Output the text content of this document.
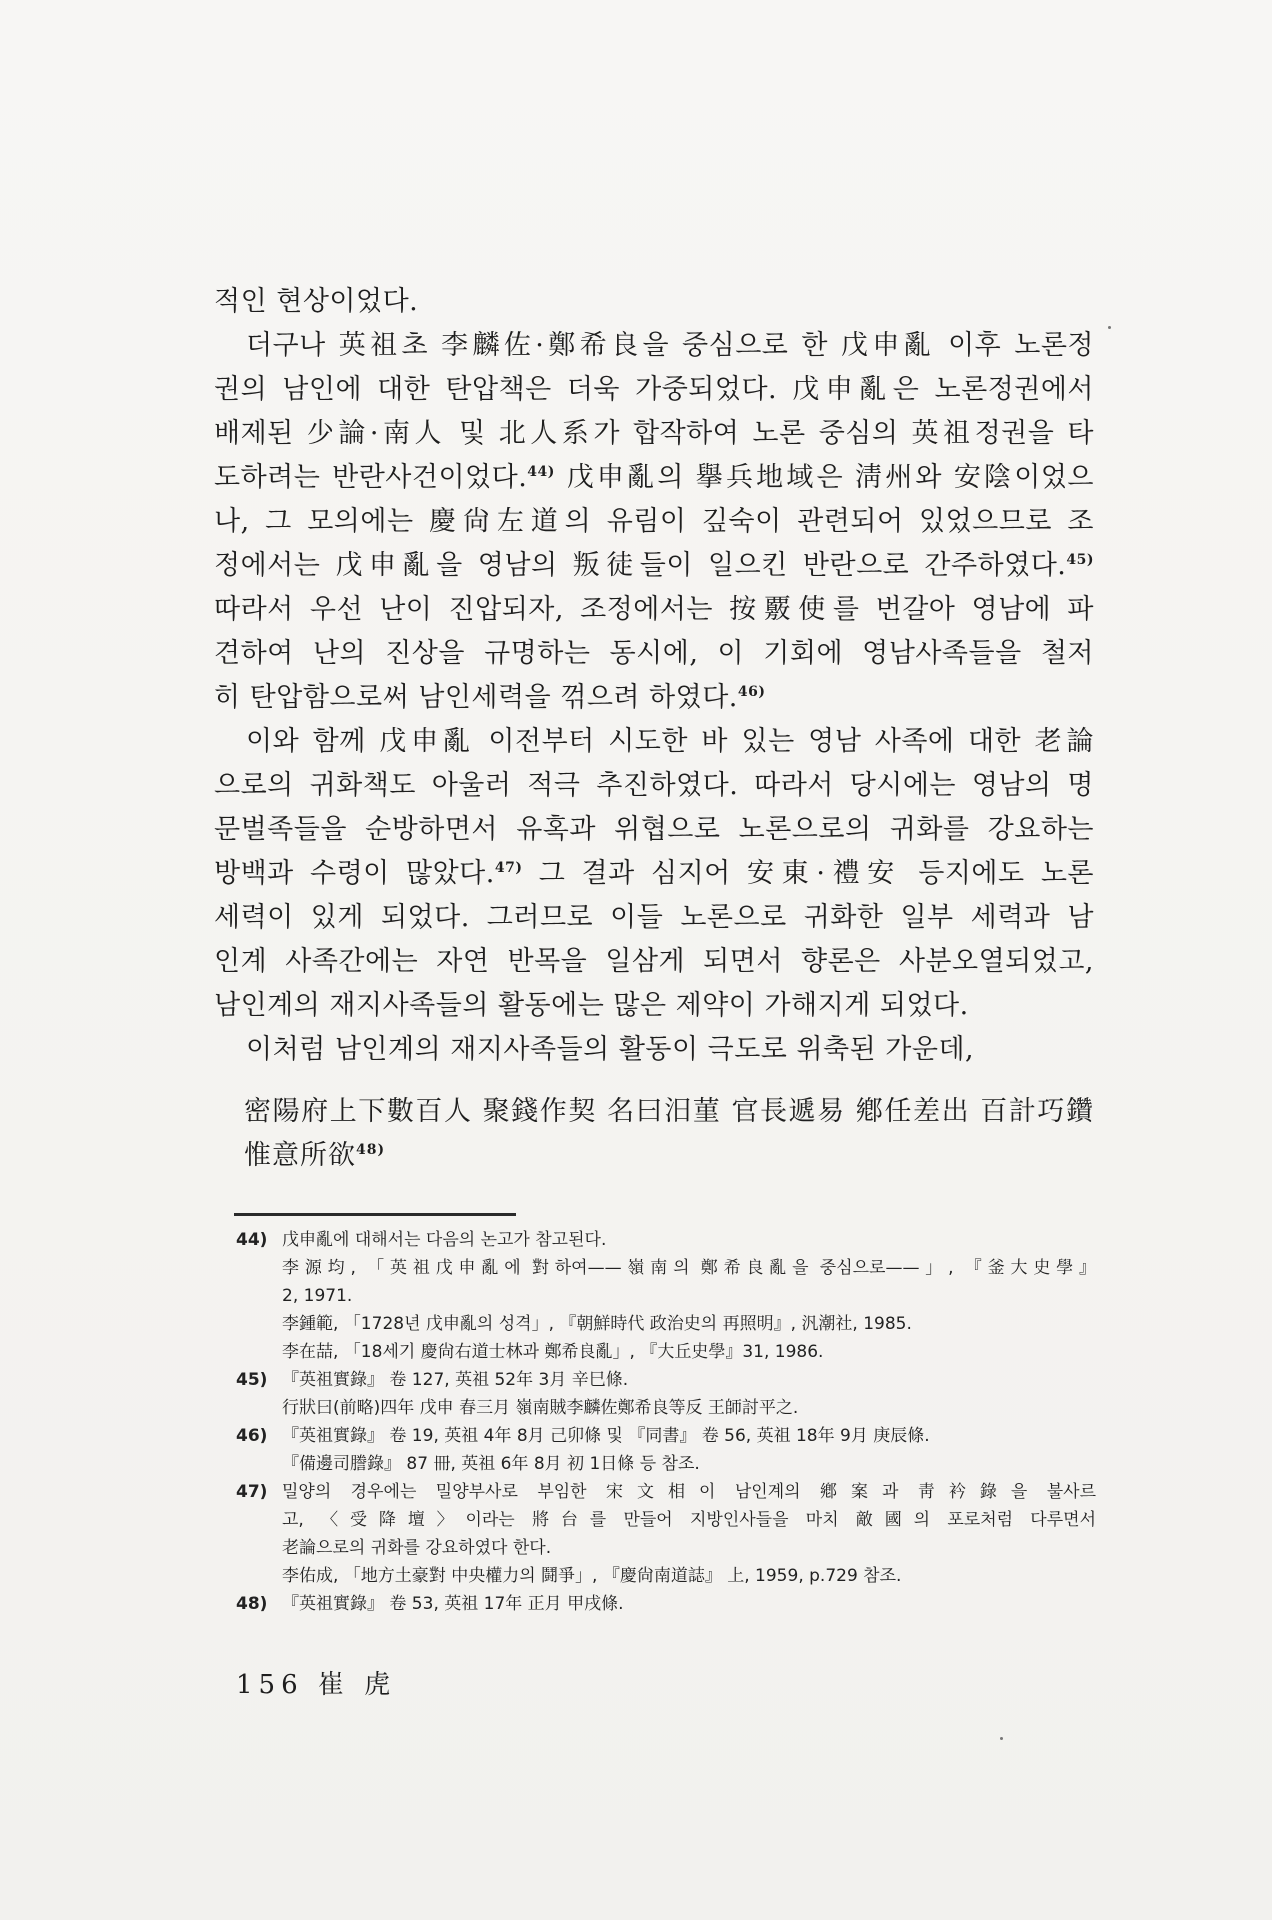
적인 현상이었다.
더구나 英祖초 李麟佐·鄭希良을 중심으로 한 戊申亂 이후 노론정
권의 남인에 대한 탄압책은 더욱 가중되었다. 戊申亂은 노론정권에서
배제된 少論·南人 및 北人系가 합작하여 노론 중심의 英祖정권을 타
도하려는 반란사건이었다.$^{44)}$ 戊申亂의 擧兵地域은 淸州와 安陰이었으
나, 그 모의에는 慶尙左道의 유림이 깊숙이 관련되어 있었으므로 조
정에서는 戊申亂을 영남의 叛徒들이 일으킨 반란으로 간주하였다.$^{45)}$
따라서 우선 난이 진압되자, 조정에서는 按覈使를 번갈아 영남에 파
견하여 난의 진상을 규명하는 동시에, 이 기회에 영남사족들을 철저
히 탄압함으로써 남인세력을 꺾으려 하였다.$^{46)}$
이와 함께 戊申亂 이전부터 시도한 바 있는 영남 사족에 대한 老論
으로의 귀화책도 아울러 적극 추진하였다. 따라서 당시에는 영남의 명
문벌족들을 순방하면서 유혹과 위협으로 노론으로의 귀화를 강요하는
방백과 수령이 많았다.$^{47)}$ 그 결과 심지어 安東·禮安 등지에도 노론
세력이 있게 되었다. 그러므로 이들 노론으로 귀화한 일부 세력과 남
인계 사족간에는 자연 반목을 일삼게 되면서 향론은 사분오열되었고,
남인계의 재지사족들의 활동에는 많은 제약이 가해지게 되었다.
이처럼 남인계의 재지사족들의 활동이 극도로 위축된 가운데,
密陽府上下數百人 聚錢作契 名曰汨菫 官長遞易 鄕任差出 百計巧鑽
惟意所欲$^{48)}$
44) 戊申亂에 대해서는 다음의 논고가 참고된다.
李源均, 「英祖戊申亂에 對하여——嶺南의 鄭希良亂을 중심으로——」, 『釜大史學』
2, 1971.
李鍾範, 「1728년 戊申亂의 성격」, 『朝鮮時代 政治史의 再照明』, 汎潮社, 1985.
李在喆, 「18세기 慶尙右道士林과 鄭希良亂」, 『大丘史學』31, 1986.
45) 『英祖實錄』 卷 127, 英祖 52年 3月 辛巳條.
行狀曰(前略)四年 戊申 春三月 嶺南賊李麟佐鄭希良等反 王師討平之.
46) 『英祖實錄』 卷 19, 英祖 4年 8月 己卯條 및 『同書』 卷 56, 英祖 18年 9月 庚辰條.
『備邊司謄錄』 87 冊, 英祖 6年 8月 初 1日條 등 참조.
47) 밀양의 경우에는 밀양부사로 부임한 宋文相이 남인계의 鄕案과 靑衿錄을 불사르
고, 〈受降壇〉이라는 將台를 만들어 지방인사들을 마치 敵國의 포로처럼 다루면서
老論으로의 귀화를 강요하였다 한다.
李佑成, 「地方土豪對 中央權力의 鬪爭」, 『慶尙南道誌』 上, 1959, p.729 참조.
48) 『英祖實錄』 卷 53, 英祖 17年 正月 甲戌條.
156 崔 虎
